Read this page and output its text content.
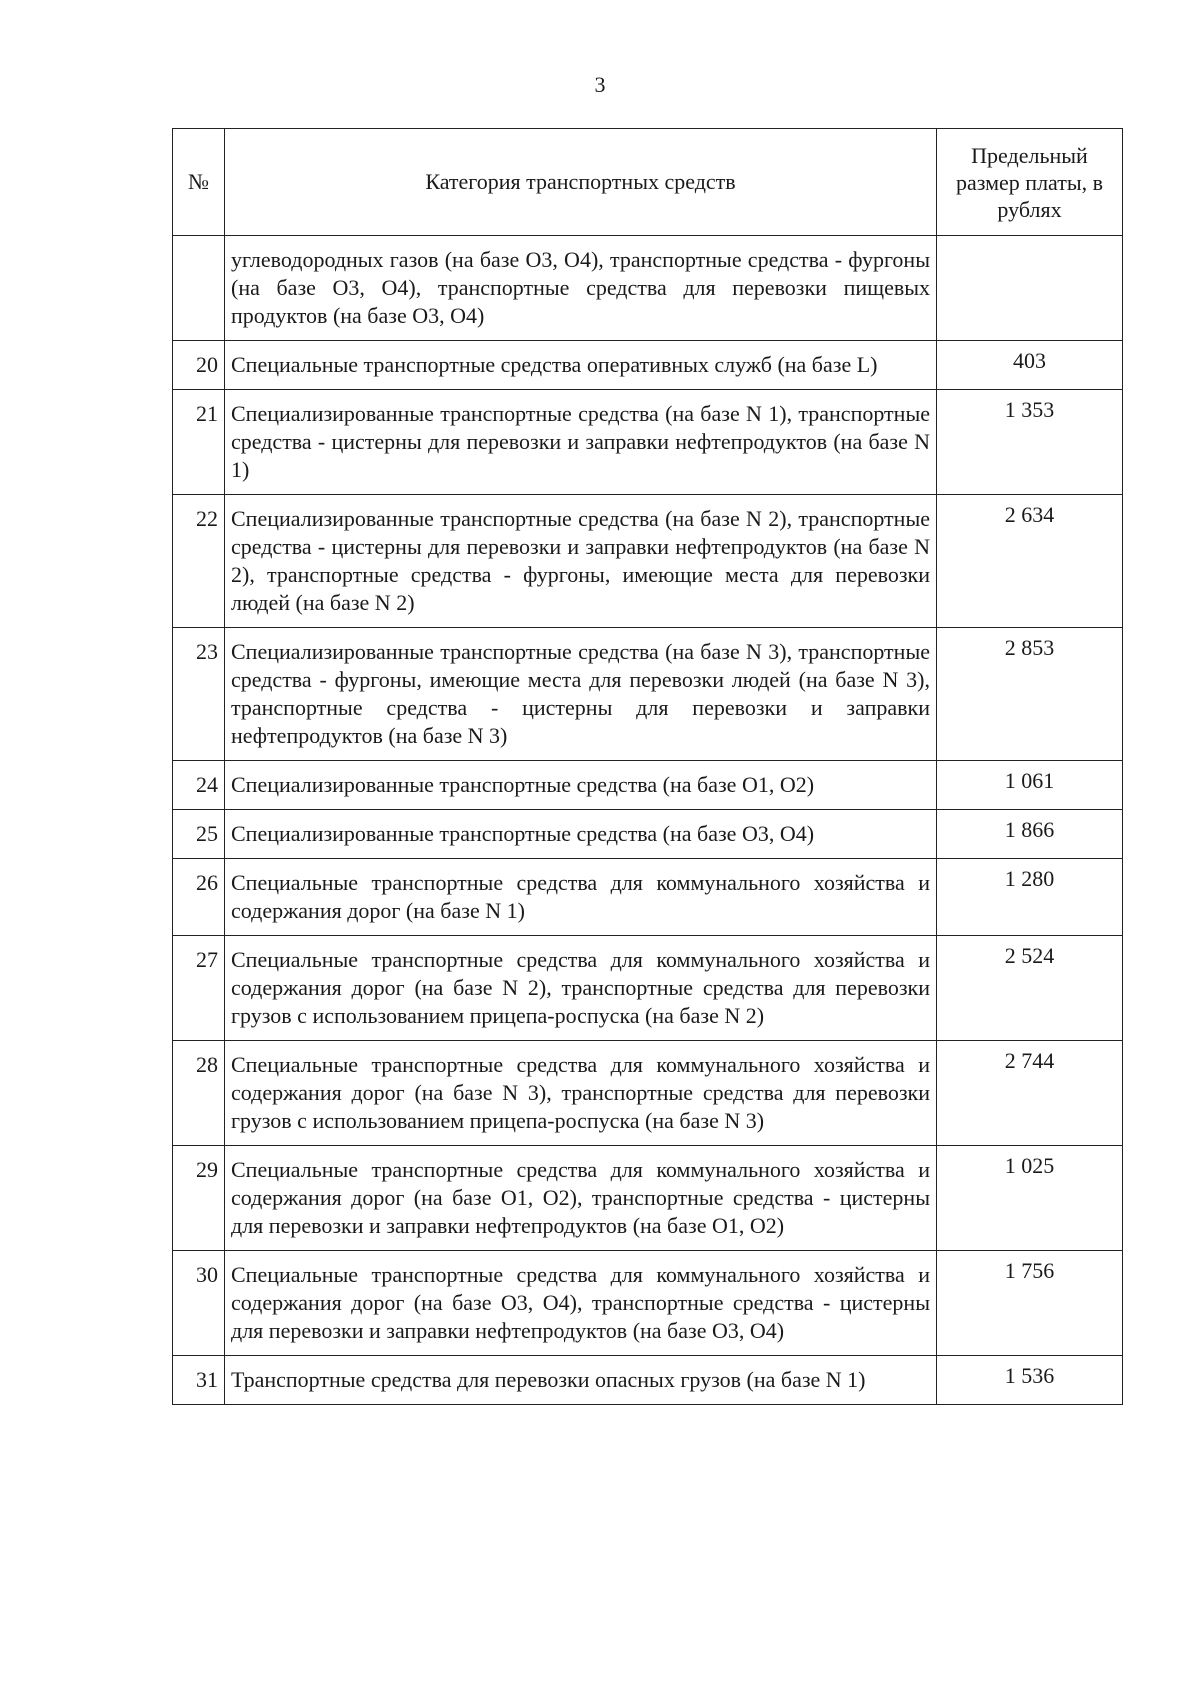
3
№	Категория транспортных средств	Предельный размер платы, в рублях
	углеводородных газов (на базе O3, O4), транспортные средства - фургоны (на базе O3, O4), транспортные средства для перевозки пищевых продуктов (на базе O3, O4)	
20	Специальные транспортные средства оперативных служб (на базе L)	403
21	Специализированные транспортные средства (на базе N 1), транспортные средства - цистерны для перевозки и заправки нефтепродуктов (на базе N 1)	1 353
22	Специализированные транспортные средства (на базе N 2), транспортные средства - цистерны для перевозки и заправки нефтепродуктов (на базе N 2), транспортные средства - фургоны, имеющие места для перевозки людей (на базе N 2)	2 634
23	Специализированные транспортные средства (на базе N 3), транспортные средства - фургоны, имеющие места для перевозки людей (на базе N 3), транспортные средства - цистерны для перевозки и заправки нефтепродуктов (на базе N 3)	2 853
24	Специализированные транспортные средства (на базе O1, O2)	1 061
25	Специализированные транспортные средства (на базе O3, O4)	1 866
26	Специальные транспортные средства для коммунального хозяйства и содержания дорог (на базе N 1)	1 280
27	Специальные транспортные средства для коммунального хозяйства и содержания дорог (на базе N 2), транспортные средства для перевозки грузов с использованием прицепа-роспуска (на базе N 2)	2 524
28	Специальные транспортные средства для коммунального хозяйства и содержания дорог (на базе N 3), транспортные средства для перевозки грузов с использованием прицепа-роспуска (на базе N 3)	2 744
29	Специальные транспортные средства для коммунального хозяйства и содержания дорог (на базе O1, O2), транспортные средства - цистерны для перевозки и заправки нефтепродуктов (на базе O1, O2)	1 025
30	Специальные транспортные средства для коммунального хозяйства и содержания дорог (на базе O3, O4), транспортные средства - цистерны для перевозки и заправки нефтепродуктов (на базе O3, O4)	1 756
31	Транспортные средства для перевозки опасных грузов (на базе N 1)	1 536
